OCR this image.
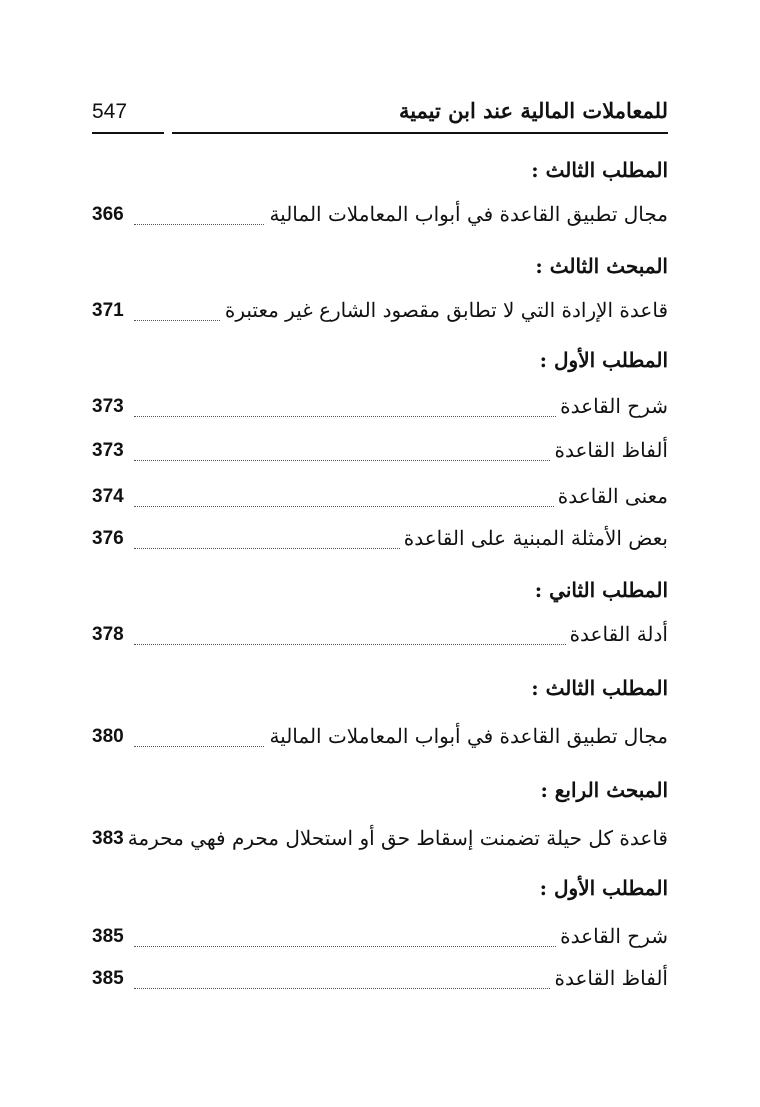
للمعاملات المالية عند ابن تيمية
547
المطلب الثالث :
مجال تطبيق القاعدة في أبواب المعاملات المالية
366
المبحث الثالث :
قاعدة الإرادة التي لا تطابق مقصود الشارع غير معتبرة
371
المطلب الأول :
شرح القاعدة
373
ألفاظ القاعدة
373
معنى القاعدة
374
بعض الأمثلة المبنية على القاعدة
376
المطلب الثاني :
أدلة القاعدة
378
المطلب الثالث :
مجال تطبيق القاعدة في أبواب المعاملات المالية
380
المبحث الرابع :
قاعدة كل حيلة تضمنت إسقاط حق أو استحلال محرم فهي محرمة
383
المطلب الأول :
شرح القاعدة
385
ألفاظ القاعدة
385
